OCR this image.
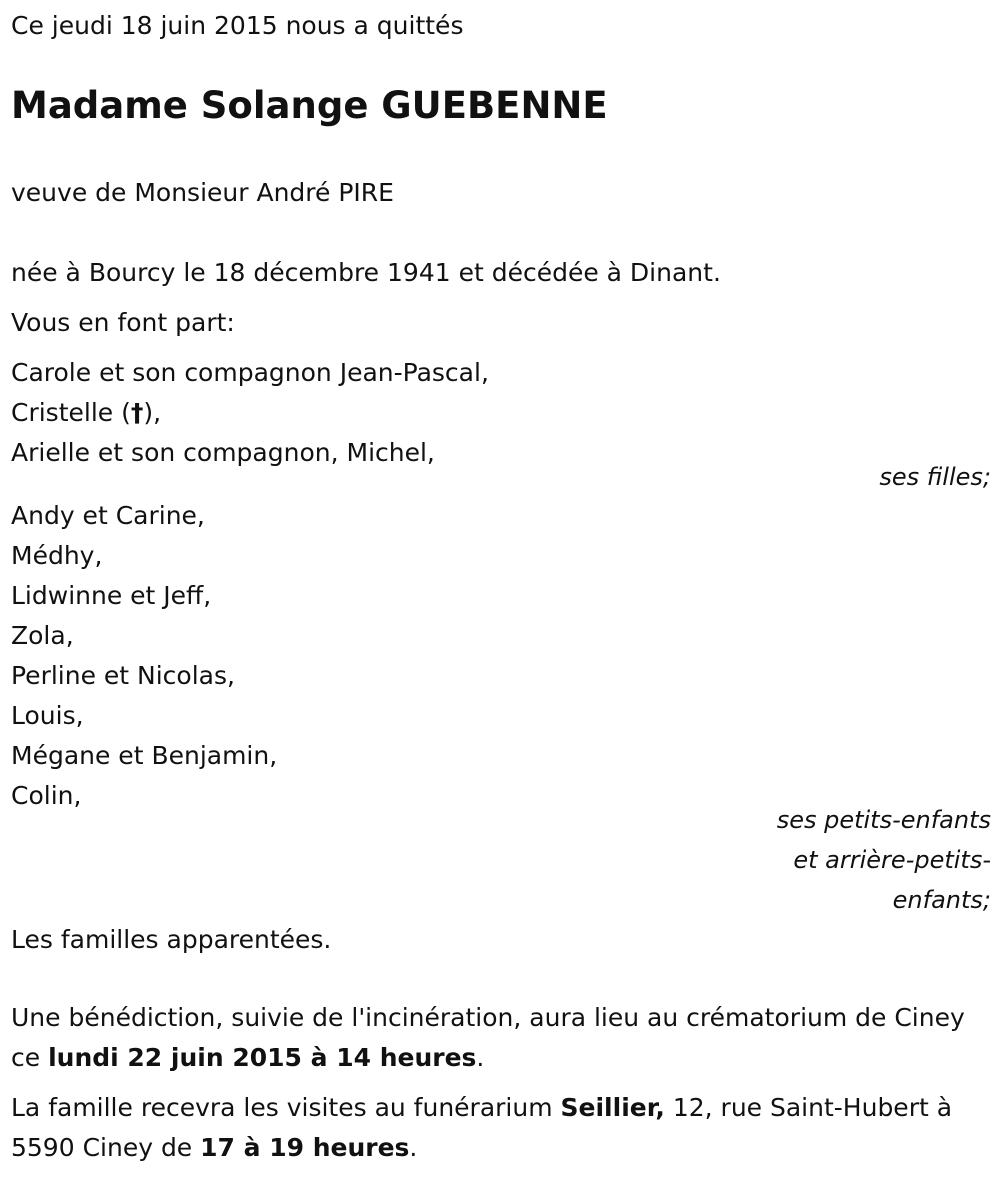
Ce jeudi 18 juin 2015 nous a quittés
Madame Solange GUEBENNE
veuve de Monsieur André PIRE
née à Bourcy le 18 décembre 1941 et décédée à Dinant.
Vous en font part:
Carole et son compagnon Jean-Pascal,
Cristelle (†),
Arielle et son compagnon, Michel,
ses filles;
Andy et Carine,
Médhy,
Lidwinne et Jeff,
Zola,
Perline et Nicolas,
Louis,
Mégane et Benjamin,
Colin,
ses petits-enfants et arrière-petits-enfants;
Les familles apparentées.
Une bénédiction, suivie de l'incinération, aura lieu au crématorium de Ciney ce lundi 22 juin 2015 à 14 heures.
La famille recevra les visites au funérarium Seillier, 12, rue Saint-Hubert à 5590 Ciney de 17 à 19 heures.
